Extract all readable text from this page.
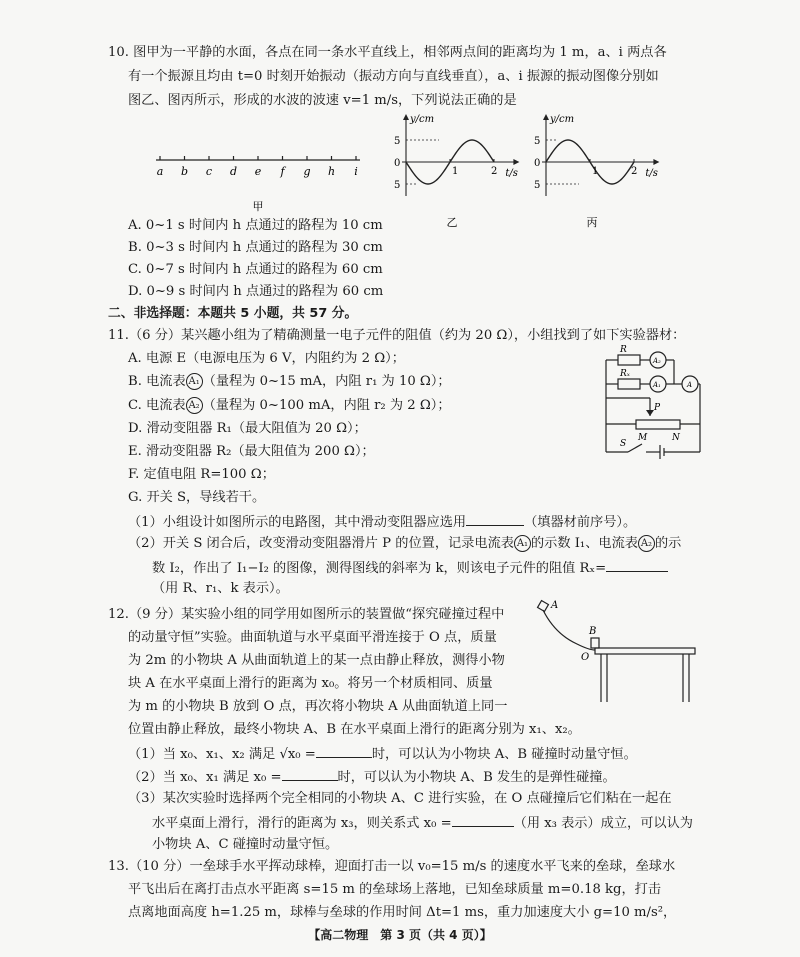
10. 图甲为一平静的水面，各点在同一条水平直线上，相邻两点间的距离均为 1 m，a、i 两点各
有一个振源且均由 t=0 时刻开始振动（振动方向与直线垂直），a、i 振源的振动图像分别如
图乙、图丙所示，形成的水波的波速 v=1 m/s，下列说法正确的是
a b c d e f g h i
甲
y/cm
5
0
5
1	2 t/s
乙
y/cm
5
0
5
1	2 t/s
丙
A. 0~1 s 时间内 h 点通过的路程为 10 cm
B. 0~3 s 时间内 h 点通过的路程为 30 cm
C. 0~7 s 时间内 h 点通过的路程为 60 cm
D. 0~9 s 时间内 h 点通过的路程为 60 cm
二、非选择题：本题共 5 小题，共 57 分。
11.（6 分）某兴趣小组为了精确测量一电子元件的阻值（约为 20 Ω），小组找到了如下实验器材：
A. 电源 E（电源电压为 6 V，内阻约为 2 Ω）；
B. 电流表 A₁ （量程为 0~15 mA，内阻 r₁ 为 10 Ω）；
C. 电流表 A₂ （量程为 0~100 mA，内阻 r₂ 为 2 Ω）；
D. 滑动变阻器 R₁（最大阻值为 20 Ω）；
E. 滑动变阻器 R₂（最大阻值为 200 Ω）；
F. 定值电阻 R=100 Ω；
G. 开关 S，导线若干。
（1）小组设计如图所示的电路图，其中滑动变阻器应选用	（填器材前序号）。
（2）开关 S 闭合后，改变滑动变阻器滑片 P 的位置，记录电流表 A₁ 的示数 I₁、电流表 A₂ 的示
数 I₂，作出了 I₁−I₂ 的图像，测得图线的斜率为 k，则该电子元件的阻值 Rₓ=
（用 R、r₁、k 表示）。
R
Rₓ
A₂
A₁	A
P
M	N
S
12.（9 分）某实验小组的同学用如图所示的装置做“探究碰撞过程中
的动量守恒”实验。曲面轨道与水平桌面平滑连接于 O 点，质量
为 2m 的小物块 A 从曲面轨道上的某一点由静止释放，测得小物
块 A 在水平桌面上滑行的距离为 x₀。将另一个材质相同、质量
为 m 的小物块 B 放到 O 点，再次将小物块 A 从曲面轨道上同一
位置由静止释放，最终小物块 A、B 在水平桌面上滑行的距离分别为 x₁、x₂。
（1）当 x₀、x₁、x₂ 满足 √x₀ =	时，可以认为小物块 A、B 碰撞时动量守恒。
（2）当 x₀、x₁ 满足 x₀ =	时，可以认为小物块 A、B 发生的是弹性碰撞。
（3）某次实验时选择两个完全相同的小物块 A、C 进行实验，在 O 点碰撞后它们粘在一起在
水平桌面上滑行，滑行的距离为 x₃，则关系式 x₀ =	（用 x₃ 表示）成立，可以认为
小物块 A、C 碰撞时动量守恒。
A
B
O
13.（10 分）一垒球手水平挥动球棒，迎面打击一以 v₀=15 m/s 的速度水平飞来的垒球，垒球水
平飞出后在离打击点水平距离 s=15 m 的垒球场上落地，已知垒球质量 m=0.18 kg，打击
点离地面高度 h=1.25 m，球棒与垒球的作用时间 Δt=1 ms，重力加速度大小 g=10 m/s²，
【高二物理　第 3 页（共 4 页）】
